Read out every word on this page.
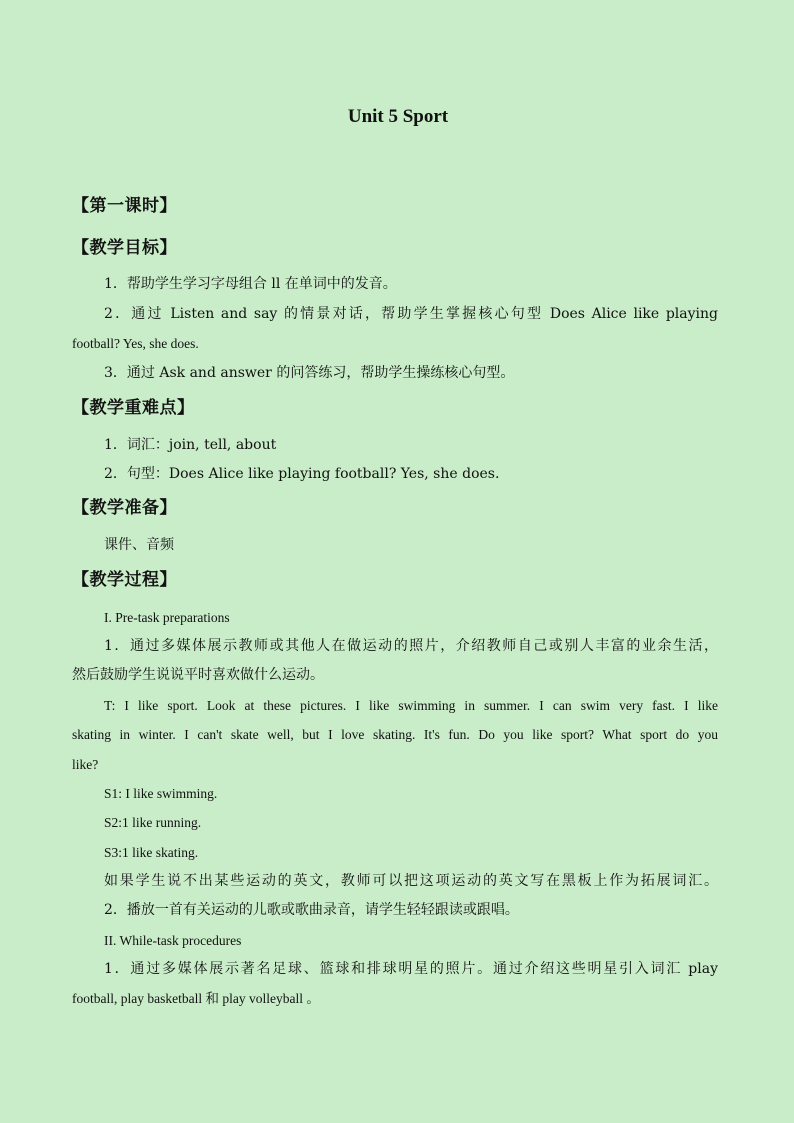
Unit 5 Sport
【第一课时】
【教学目标】
1．帮助学生学习字母组合 ll 在单词中的发音。
2．通过 Listen and say 的情景对话，帮助学生掌握核心句型 Does Alice like playing
football? Yes, she does.
3．通过 Ask and answer 的问答练习，帮助学生操练核心句型。
【教学重难点】
1．词汇：join, tell, about
2．句型：Does Alice like playing football? Yes, she does.
【教学准备】
课件、音频
【教学过程】
I. Pre-task preparations
1．通过多媒体展示教师或其他人在做运动的照片，介绍教师自己或别人丰富的业余生活，
然后鼓励学生说说平时喜欢做什么运动。
T: I like sport. Look at these pictures. I like swimming in summer. I can swim very fast. I like
skating in winter. I can't skate well, but I love skating. It's fun. Do you like sport? What sport do you
like?
S1: I like swimming.
S2:1 like running.
S3:1 like skating.
如果学生说不出某些运动的英文，教师可以把这项运动的英文写在黑板上作为拓展词汇。
2．播放一首有关运动的儿歌或歌曲录音，请学生轻轻跟读或跟唱。
II. While-task procedures
1．通过多媒体展示著名足球、篮球和排球明星的照片。通过介绍这些明星引入词汇 play
football, play basketball 和 play volleyball 。
